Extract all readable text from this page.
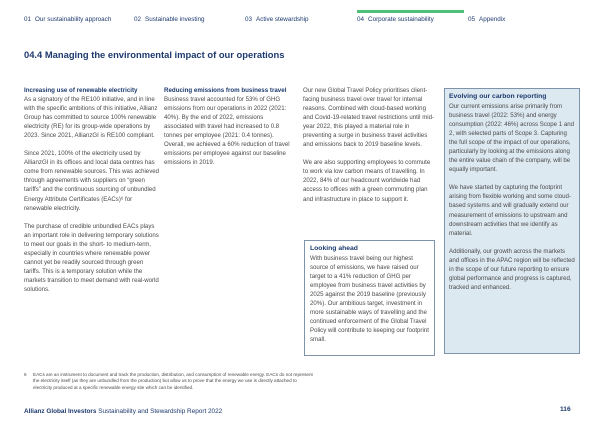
01 Our sustainability approach	02 Sustainable investing	03 Active stewardship	04 Corporate sustainability	05 Appendix
04.4 Managing the environmental impact of our operations
Increasing use of renewable electricity

As a signatory of the RE100 initiative, and in line with the specific ambitions of this initiative, Allianz Group has committed to source 100% renewable electricity (RE) for its group-wide operations by 2023. Since 2021, AllianzGI is RE100 compliant.

Since 2021, 100% of the electricity used by AllianzGI in its offices and local data centres has come from renewable sources. This was achieved through agreements with suppliers on “green tariffs” and the continuous sourcing of unbundled Energy Attribute Certificates (EACs)⁶ for renewable electricity.

The purchase of credible unbundled EACs plays an important role in delivering temporary solutions to meet our goals in the short- to medium-term, especially in countries where renewable power cannot yet be readily sourced through green tariffs. This is a temporary solution while the markets transition to meet demand with real-world solutions.

Reducing emissions from business travel

Business travel accounted for 53% of GHG emissions from our operations in 2022 (2021: 40%). By the end of 2022, emissions associated with travel had increased to 0.8 tonnes per employee (2021: 0.4 tonnes). Overall, we achieved a 60% reduction of travel emissions per employee against our baseline emissions in 2019.

Our new Global Travel Policy prioritises client-facing business travel over travel for internal reasons. Combined with cloud-based working and Covid-19-related travel restrictions until mid-year 2022, this played a material role in preventing a surge in business travel activities and emissions back to 2019 baseline levels.

We are also supporting employees to commute to work via low carbon means of travelling. In 2022, 84% of our headcount worldwide had access to offices with a green commuting plan and infrastructure in place to support it.

Looking ahead

With business travel being our highest source of emissions, we have raised our target to a 41% reduction of GHG per employee from business travel activities by 2025 against the 2019 baseline (previously 20%). Our ambitious target, investment in more sustainable ways of travelling and the continued enforcement of the Global Travel Policy will contribute to keeping our footprint small.

Evolving our carbon reporting

Our current emissions arise primarily from business travel (2022: 53%) and energy consumption (2022: 46%) across Scope 1 and 2, with selected parts of Scope 3. Capturing the full scope of the impact of our operations, particularly by looking at the emissions along the entire value chain of the company, will be equally important.

We have started by capturing the footprint arising from flexible working and some cloud-based systems and will gradually extend our measurement of emissions to upstream and downstream activities that we identify as material.

Additionally, our growth across the markets and offices in the APAC region will be reflected in the scope of our future reporting to ensure global performance and progress is captured, tracked and enhanced.

6	EACs are an instrument to document and track the production, distribution, and consumption of renewable energy. EACs do not represent the electricity itself (as they are unbundled from the production) but allow us to prove that the energy we use is directly attached to electricity produced at a specific renewable energy site which can be identified.
Allianz Global Investors Sustainability and Stewardship Report 2022	116
